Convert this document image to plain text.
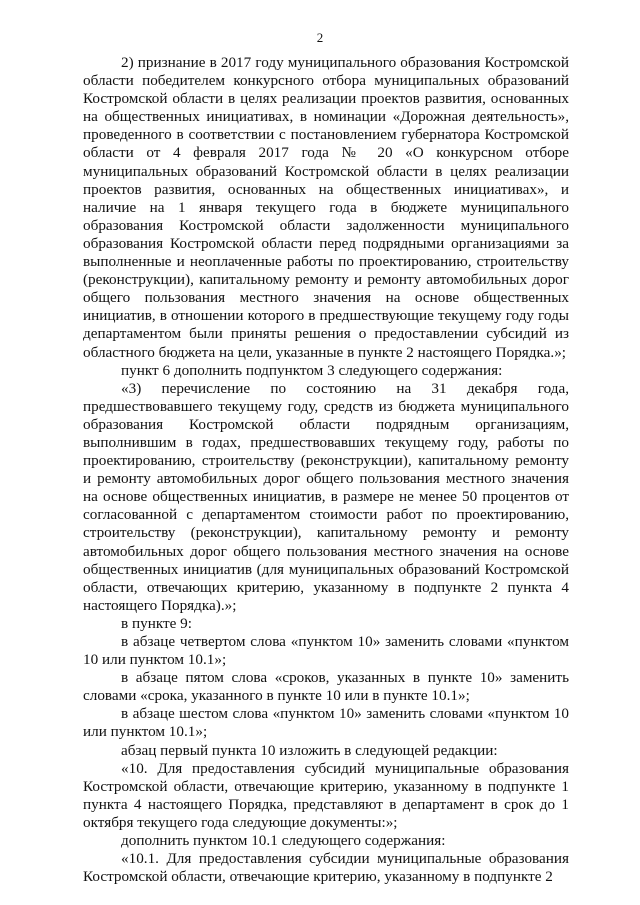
2

2) признание в 2017 году муниципального образования Костромской области победителем конкурсного отбора муниципальных образований Костромской области в целях реализации проектов развития, основанных на общественных инициативах, в номинации «Дорожная деятельность», проведенного в соответствии с постановлением губернатора Костромской области от 4 февраля 2017 года № 20 «О конкурсном отборе муниципальных образований Костромской области в целях реализации проектов развития, основанных на общественных инициативах», и наличие на 1 января текущего года в бюджете муниципального образования Костромской области задолженности муниципального образования Костромской области перед подрядными организациями за выполненные и неоплаченные работы по проектированию, строительству (реконструкции), капитальному ремонту и ремонту автомобильных дорог общего пользования местного значения на основе общественных инициатив, в отношении которого в предшествующие текущему году годы департаментом были приняты решения о предоставлении субсидий из областного бюджета на цели, указанные в пункте 2 настоящего Порядка.»;

пункт 6 дополнить подпунктом 3 следующего содержания:

«3) перечисление по состоянию на 31 декабря года, предшествовавшего текущему году, средств из бюджета муниципального образования Костромской области подрядным организациям, выполнившим в годах, предшествовавших текущему году, работы по проектированию, строительству (реконструкции), капитальному ремонту и ремонту автомобильных дорог общего пользования местного значения на основе общественных инициатив, в размере не менее 50 процентов от согласованной с департаментом стоимости работ по проектированию, строительству (реконструкции), капитальному ремонту и ремонту автомобильных дорог общего пользования местного значения на основе общественных инициатив (для муниципальных образований Костромской области, отвечающих критерию, указанному в подпункте 2 пункта 4 настоящего Порядка).»;

в пункте 9:

в абзаце четвертом слова «пунктом 10» заменить словами «пунктом 10 или пунктом 10.1»;

в абзаце пятом слова «сроков, указанных в пункте 10» заменить словами «срока, указанного в пункте 10 или в пункте 10.1»;

в абзаце шестом слова «пунктом 10» заменить словами «пунктом 10 или пунктом 10.1»;

абзац первый пункта 10 изложить в следующей редакции:

«10. Для предоставления субсидий муниципальные образования Костромской области, отвечающие критерию, указанному в подпункте 1 пункта 4 настоящего Порядка, представляют в департамент в срок до 1 октября текущего года следующие документы:»;

дополнить пунктом 10.1 следующего содержания:

«10.1. Для предоставления субсидии муниципальные образования Костромской области, отвечающие критерию, указанному в подпункте 2
